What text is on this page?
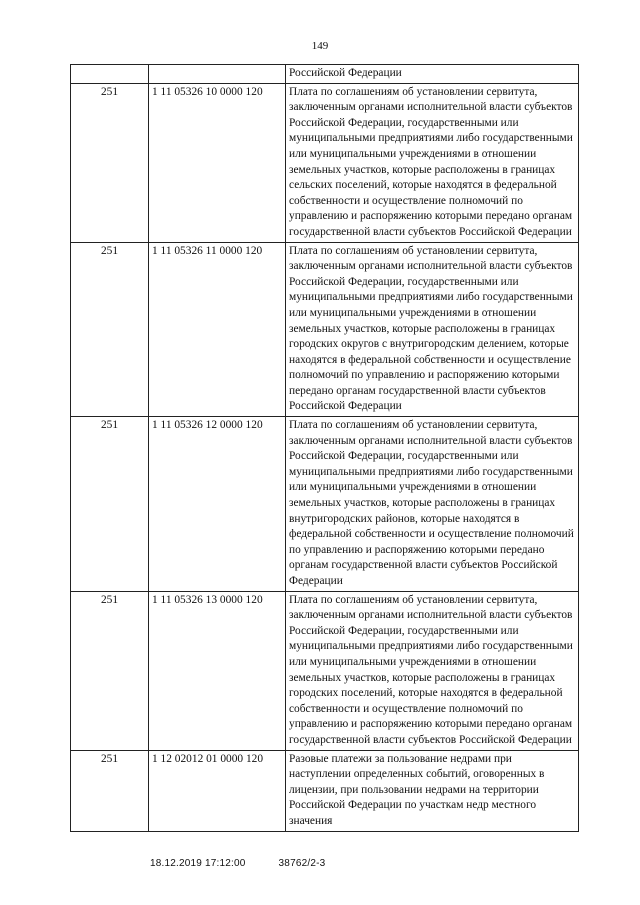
149
		Российской Федерации
251	1 11 05326 10 0000 120	Плата по соглашениям об установлении сервитута, заключенным органами исполнительной власти субъектов Российской Федерации, государственными или муниципальными предприятиями либо государственными или муниципальными учреждениями в отношении земельных участков, которые расположены в границах сельских поселений, которые находятся в федеральной собственности и осуществление полномочий по управлению и распоряжению которыми передано органам государственной власти субъектов Российской Федерации
251	1 11 05326 11 0000 120	Плата по соглашениям об установлении сервитута, заключенным органами исполнительной власти субъектов Российской Федерации, государственными или муниципальными предприятиями либо государственными или муниципальными учреждениями в отношении земельных участков, которые расположены в границах городских округов с внутригородским делением, которые находятся в федеральной собственности и осуществление полномочий по управлению и распоряжению которыми передано органам государственной власти субъектов Российской Федерации
251	1 11 05326 12 0000 120	Плата по соглашениям об установлении сервитута, заключенным органами исполнительной власти субъектов Российской Федерации, государственными или муниципальными предприятиями либо государственными или муниципальными учреждениями в отношении земельных участков, которые расположены в границах внутригородских районов, которые находятся в федеральной собственности и осуществление полномочий по управлению и распоряжению которыми передано органам государственной власти субъектов Российской Федерации
251	1 11 05326 13 0000 120	Плата по соглашениям об установлении сервитута, заключенным органами исполнительной власти субъектов Российской Федерации, государственными или муниципальными предприятиями либо государственными или муниципальными учреждениями в отношении земельных участков, которые расположены в границах городских поселений, которые находятся в федеральной собственности и осуществление полномочий по управлению и распоряжению которыми передано органам государственной власти субъектов Российской Федерации
251	1 12 02012 01 0000 120	Разовые платежи за пользование недрами при наступлении определенных событий, оговоренных в лицензии, при пользовании недрами на территории Российской Федерации по участкам недр местного значения
18.12.2019 17:12:00	38762/2-3
